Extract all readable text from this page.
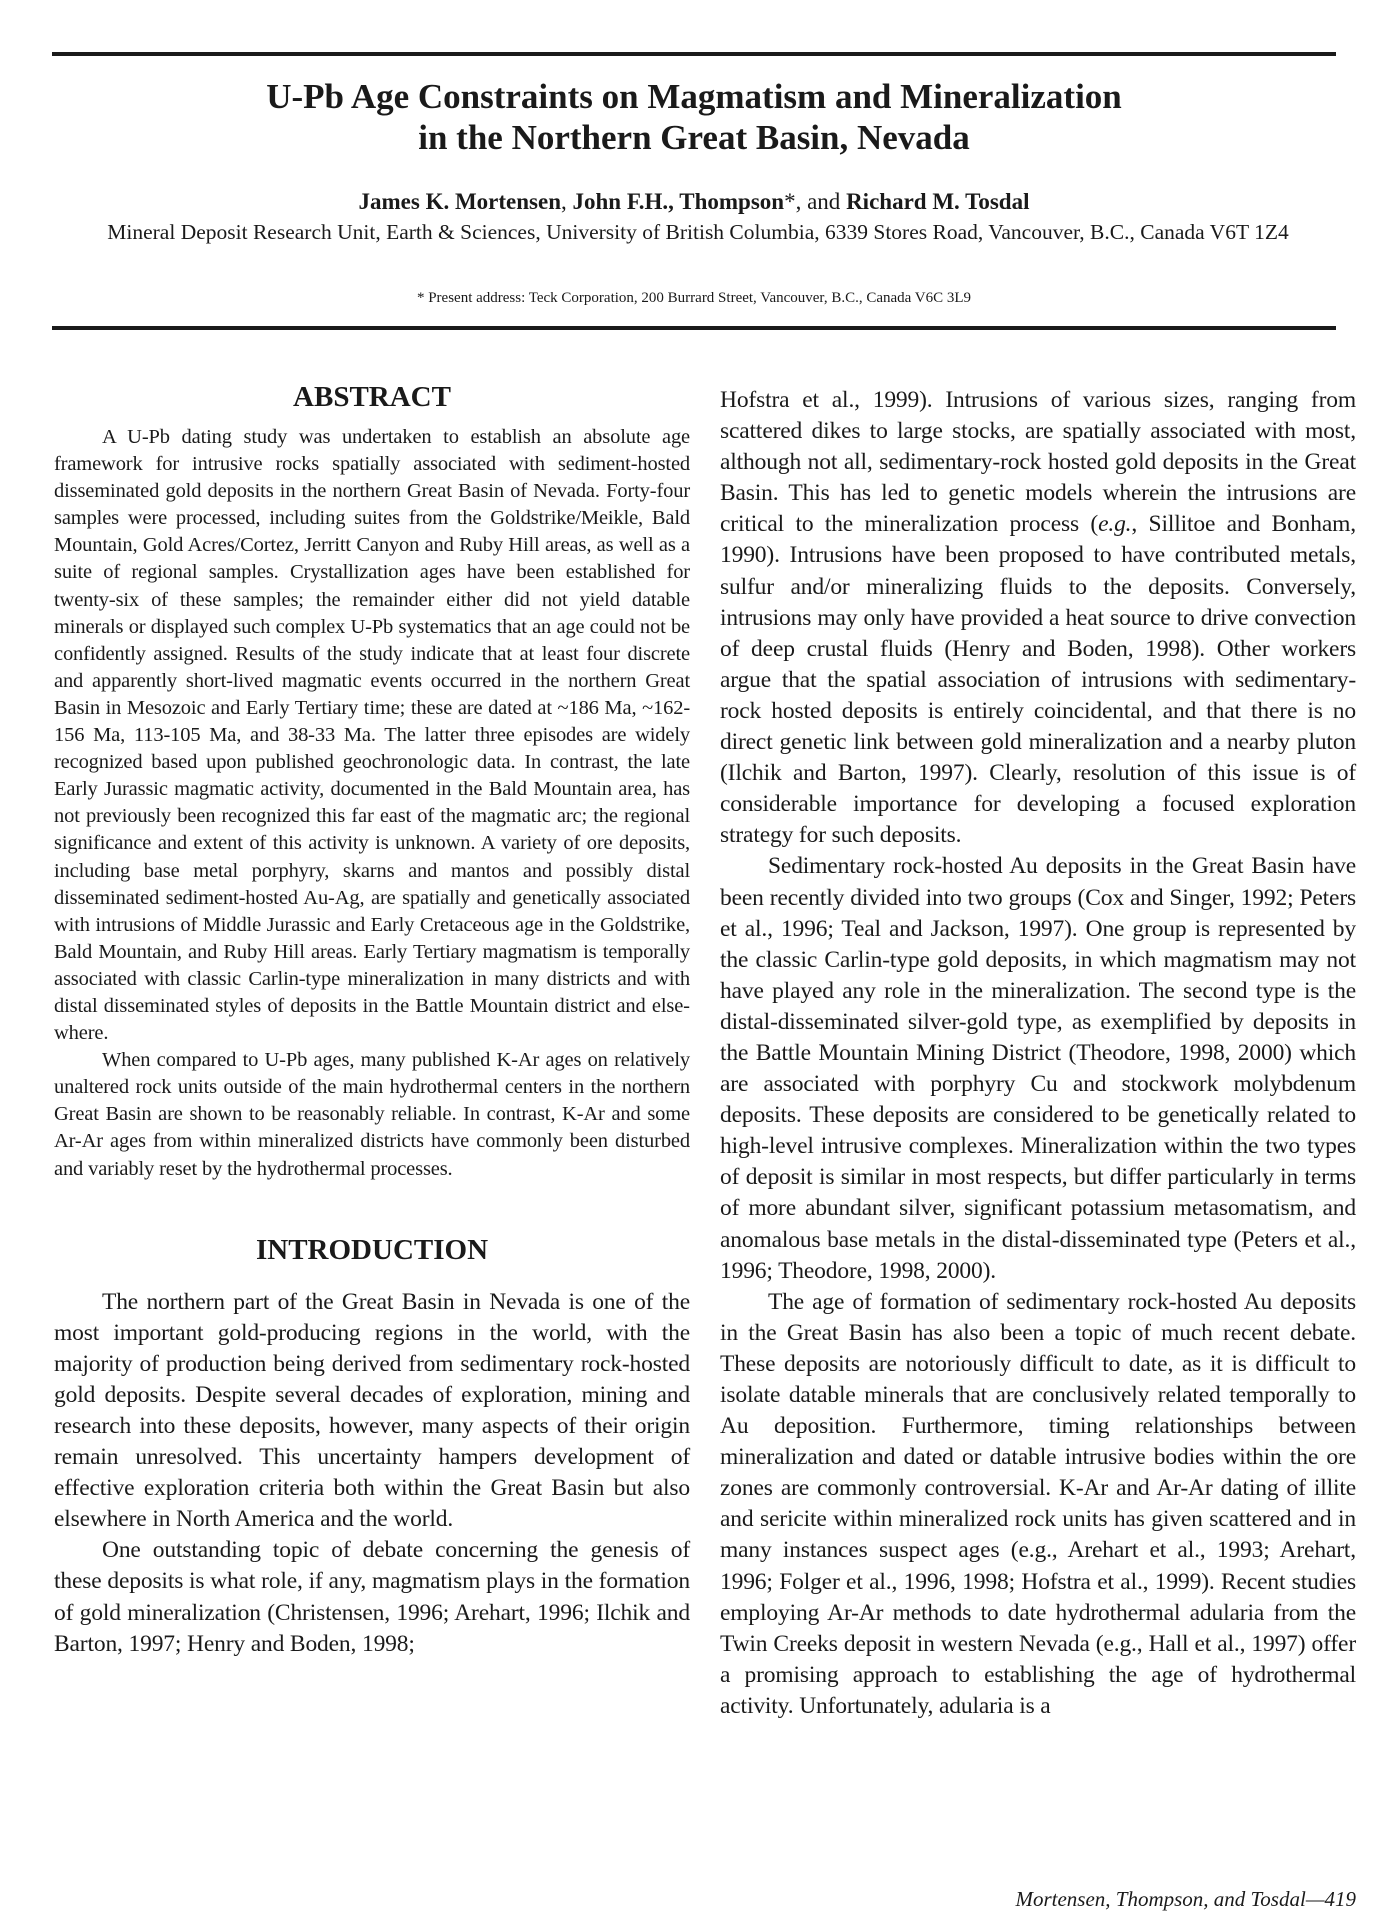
U-Pb Age Constraints on Magmatism and Mineralization
in the Northern Great Basin, Nevada
James K. Mortensen, John F.H., Thompson*, and Richard M. Tosdal
Mineral Deposit Research Unit, Earth & Sciences, University of British Columbia, 6339 Stores Road, Vancouver, B.C., Canada V6T 1Z4
* Present address: Teck Corporation, 200 Burrard Street, Vancouver, B.C., Canada V6C 3L9
ABSTRACT

A U-Pb dating study was undertaken to establish an absolute age framework for intrusive rocks spatially associated with sediment-hosted disseminated gold deposits in the northern Great Basin of Nevada. Forty-four samples were processed, including suites from the Goldstrike/Meikle, Bald Mountain, Gold Acres/Cortez, Jerritt Canyon and Ruby Hill areas, as well as a suite of regional samples. Crystallization ages have been established for twenty-six of these samples; the remainder either did not yield datable minerals or displayed such complex U-Pb systematics that an age could not be confidently assigned. Results of the study indicate that at least four discrete and apparently short-lived magmatic events occurred in the northern Great Basin in Mesozoic and Early Tertiary time; these are dated at ~186 Ma, ~162-156 Ma, 113-105 Ma, and 38-33 Ma. The latter three episodes are widely recognized based upon published geochronologic data. In contrast, the late Early Jurassic magmatic activity, documented in the Bald Mountain area, has not previously been recognized this far east of the magmatic arc; the regional significance and extent of this activity is unknown. A variety of ore deposits, including base metal porphyry, skarns and mantos and possibly distal disseminated sediment-hosted Au-Ag, are spatially and genetically associated with intrusions of Middle Jurassic and Early Cretaceous age in the Goldstrike, Bald Mountain, and Ruby Hill areas. Early Tertiary magmatism is temporally associated with classic Carlin-type mineralization in many districts and with distal disseminated styles of deposits in the Battle Mountain district and elsewhere.

When compared to U-Pb ages, many published K-Ar ages on relatively unaltered rock units outside of the main hydrothermal centers in the northern Great Basin are shown to be reasonably reliable. In contrast, K-Ar and some Ar-Ar ages from within mineralized districts have commonly been disturbed and variably reset by the hydrothermal processes.

INTRODUCTION

The northern part of the Great Basin in Nevada is one of the most important gold-producing regions in the world, with the majority of production being derived from sedimentary rock-hosted gold deposits. Despite several decades of exploration, mining and research into these deposits, however, many aspects of their origin remain unresolved. This uncertainty hampers development of effective exploration criteria both within the Great Basin but also elsewhere in North America and the world.

One outstanding topic of debate concerning the genesis of these deposits is what role, if any, magmatism plays in the formation of gold mineralization (Christensen, 1996; Arehart, 1996; Ilchik and Barton, 1997; Henry and Boden, 1998;

Hofstra et al., 1999). Intrusions of various sizes, ranging from scattered dikes to large stocks, are spatially associated with most, although not all, sedimentary-rock hosted gold deposits in the Great Basin. This has led to genetic models wherein the intrusions are critical to the mineralization process (e.g., Sillitoe and Bonham, 1990). Intrusions have been proposed to have contributed metals, sulfur and/or mineralizing fluids to the deposits. Conversely, intrusions may only have provided a heat source to drive convection of deep crustal fluids (Henry and Boden, 1998). Other workers argue that the spatial association of intrusions with sedimentary-rock hosted deposits is entirely coincidental, and that there is no direct genetic link between gold mineralization and a nearby pluton (Ilchik and Barton, 1997). Clearly, resolution of this issue is of considerable importance for developing a focused exploration strategy for such deposits.

Sedimentary rock-hosted Au deposits in the Great Basin have been recently divided into two groups (Cox and Singer, 1992; Peters et al., 1996; Teal and Jackson, 1997). One group is represented by the classic Carlin-type gold deposits, in which magmatism may not have played any role in the mineralization. The second type is the distal-disseminated silver-gold type, as exemplified by deposits in the Battle Mountain Mining District (Theodore, 1998, 2000) which are associated with porphyry Cu and stockwork molybdenum deposits. These deposits are considered to be genetically related to high-level intrusive complexes. Mineralization within the two types of deposit is similar in most respects, but differ particularly in terms of more abundant silver, significant potassium metasomatism, and anomalous base metals in the distal-disseminated type (Peters et al., 1996; Theodore, 1998, 2000).

The age of formation of sedimentary rock-hosted Au deposits in the Great Basin has also been a topic of much recent debate. These deposits are notoriously difficult to date, as it is difficult to isolate datable minerals that are conclusively related temporally to Au deposition. Furthermore, timing relationships between mineralization and dated or datable intrusive bodies within the ore zones are commonly controversial. K-Ar and Ar-Ar dating of illite and sericite within mineralized rock units has given scattered and in many instances suspect ages (e.g., Arehart et al., 1993; Arehart, 1996; Folger et al., 1996, 1998; Hofstra et al., 1999). Recent studies employing Ar-Ar methods to date hydrothermal adularia from the Twin Creeks deposit in western Nevada (e.g., Hall et al., 1997) offer a promising approach to establishing the age of hydrothermal activity. Unfortunately, adularia is a

Mortensen, Thompson, and Tosdal—419
